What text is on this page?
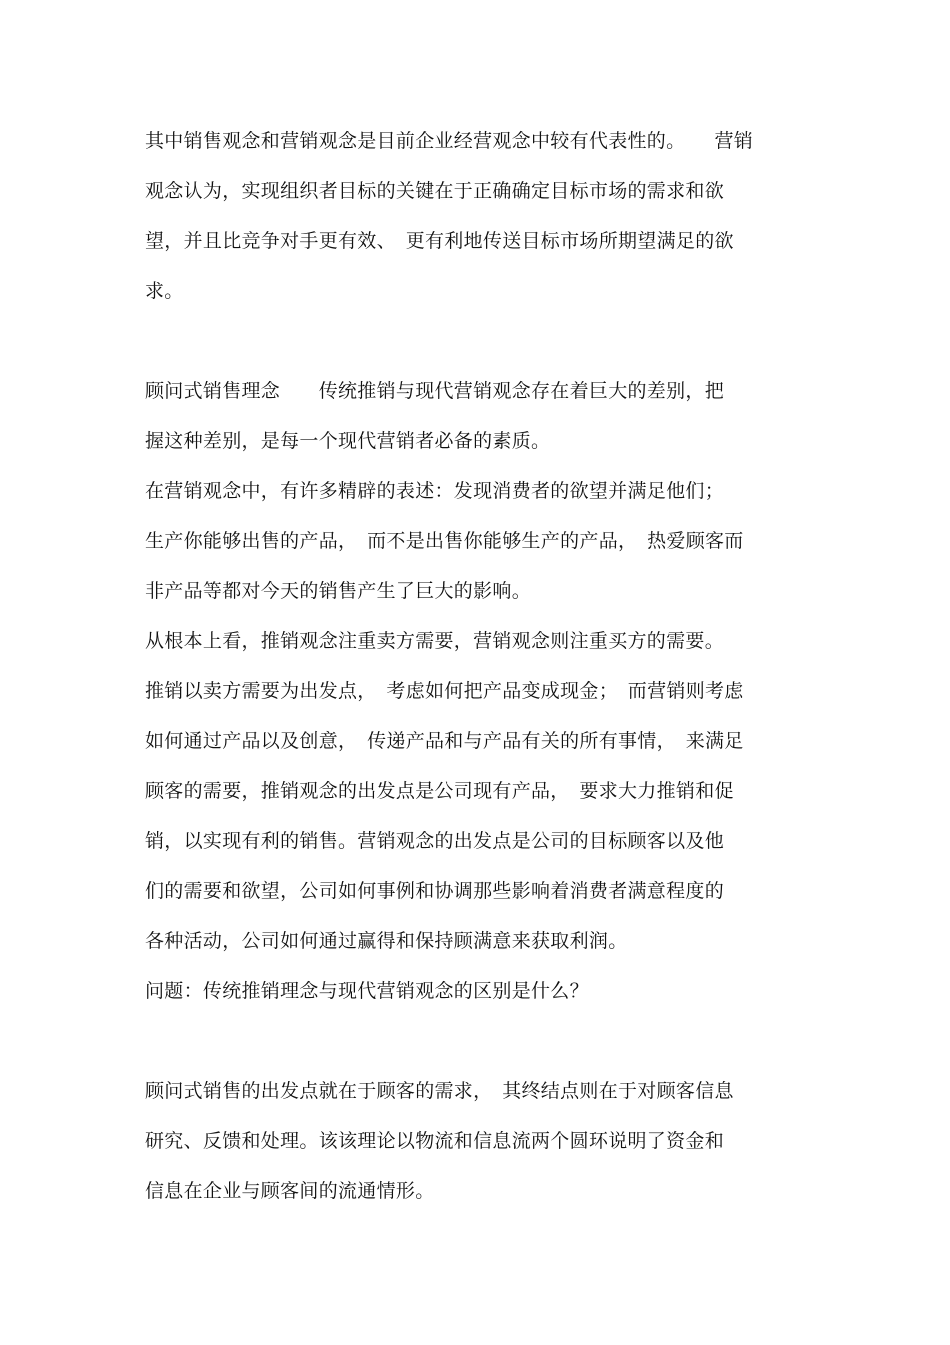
其中销售观念和营销观念是目前企业经营观念中较有代表性的。　　营销
观念认为，实现组织者目标的关键在于正确确定目标市场的需求和欲
望，并且比竞争对手更有效、　更有利地传送目标市场所期望满足的欲
求。
顾问式销售理念　　传统推销与现代营销观念存在着巨大的差别，把
握这种差别，是每一个现代营销者必备的素质。
在营销观念中，有许多精辟的表述：发现消费者的欲望并满足他们；
生产你能够出售的产品，　而不是出售你能够生产的产品，　热爱顾客而
非产品等都对今天的销售产生了巨大的影响。
从根本上看，推销观念注重卖方需要，营销观念则注重买方的需要。
推销以卖方需要为出发点，　考虑如何把产品变成现金；　而营销则考虑
如何通过产品以及创意，　传递产品和与产品有关的所有事情，　来满足
顾客的需要，推销观念的出发点是公司现有产品，　要求大力推销和促
销，以实现有利的销售。营销观念的出发点是公司的目标顾客以及他
们的需要和欲望，公司如何事例和协调那些影响着消费者满意程度的
各种活动，公司如何通过赢得和保持顾满意来获取利润。
问题：传统推销理念与现代营销观念的区别是什么？
顾问式销售的出发点就在于顾客的需求，　其终结点则在于对顾客信息
研究、反馈和处理。该该理论以物流和信息流两个圆环说明了资金和
信息在企业与顾客间的流通情形。
